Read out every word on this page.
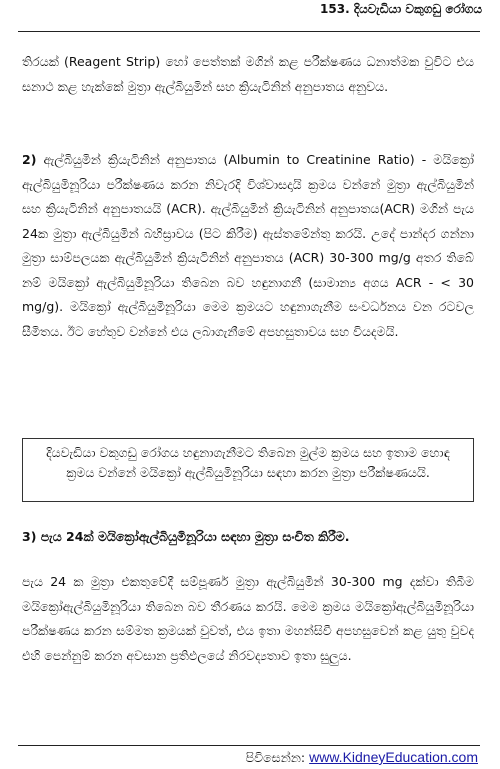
153. දියවැඩියා වකුගඩු රෝගය
තිරයක් (Reagent Strip) හෝ පෙත්තක් මගින් කළ පරීක්ෂණය ධනාත්මක වුවිට එය සනාථ කළ හැක්කේ මුත්‍රා ඇල්බියුමින් සහ ක්‍රියැටිනින් අනුපාතය අනුවය.
2) ඇල්බියුමින් ක්‍රියැටිනින් අනුපාතය (Albumin to Creatinine Ratio) - මයික්‍රෝ ඇල්බියුමිනූරියා පරීක්ෂණය කරන නිවැරදි විශ්වාසදායි ක්‍රමය වන්නේ මුත්‍රා ඇල්බියුමින් සහ ක්‍රියැටිනින් අනුපාතයයි (ACR). ඇල්බියුමින් ක්‍රියැටිනින් අනුපාතය(ACR) මගින් පැය 24ක මුත්‍රා ඇල්බියුමින් බහිස්‍රාවය (පිට කිරීම) ඇස්තමේන්තු කරයි. උදේ පාන්දර ගන්නා මුත්‍රා සාම්පලයක ඇල්බියුමින් ක්‍රියැටිනින් අනුපාතය (ACR) 30-300 mg/g අතර තිබේ නම් මයික්‍රෝ ඇල්බියුමිනූරියා තිබෙන බව හඳුනාගනී (සාමාන්‍ය අගය ACR - < 30 mg/g). මයික්‍රෝ ඇල්බියුමිනූරියා මෙම ක්‍රමයට හඳුනාගැනීම සංවර්ධනය වන රටවල සීමිතය. ඊට හේතුව වන්නේ එය ලබාගැනීමේ අපහසුතාවය සහ වියදමයි.
දියවැඩියා වකුගඩු රෝගය හඳුනාගැනීමට තිබෙන මුල්ම ක්‍රමය සහ ඉතාම හොඳ ක්‍රමය වන්නේ මයික්‍රෝ ඇල්බියුමිනූරියා සඳහා කරන මුත්‍රා පරීක්ෂණයයි.
3) පැය 24ක් මයික්‍රෝඇල්බියුමිනූරියා සඳහා මුත්‍රා සංචිත කිරීම.
පැය 24 ක මුත්‍රා එකතුවේදී සම්පූර්ණ මුත්‍රා ඇල්බියුමින් 30-300 mg දක්වා තිබීම මයික්‍රෝඇල්බියුමිනූරියා තිබෙන බව තීරණය කරයි. මෙම ක්‍රමය මයික්‍රෝඇල්බියුමිනූරියා පරීක්ෂණය කරන සම්මත ක්‍රමයක් වුවත්, එය ඉතා මහන්සිවී අපහසුවෙන් කළ යුතු වුවද එහි පෙන්නුම් කරන අවසාන ප්‍රතිඵලයේ නිරවද්‍යතාව ඉතා සුලුය.
පිවිසෙන්න: www.KidneyEducation.com
